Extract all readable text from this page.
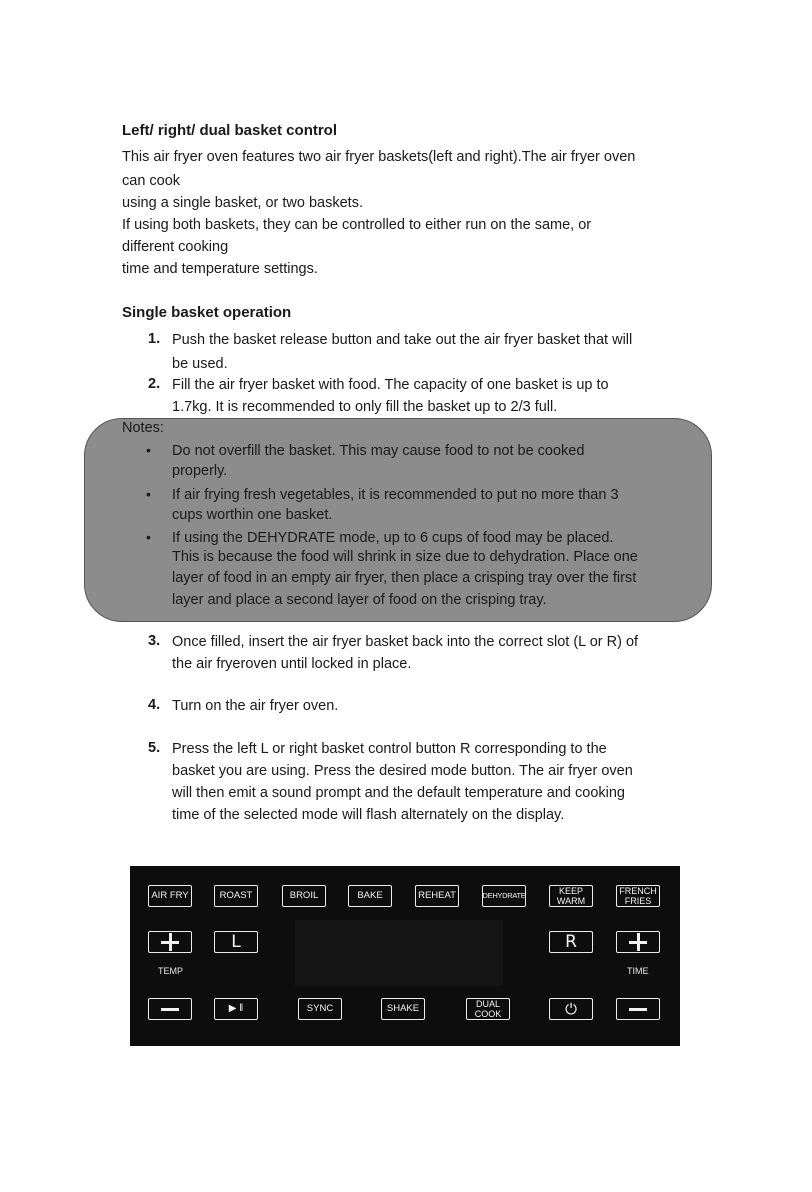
Left/ right/ dual basket control
This air fryer oven features two air fryer baskets(left and right).The air fryer oven
can cook
using a single basket, or two baskets.
If using both baskets, they can be controlled to either run on the same, or
different cooking
time and temperature settings.
Single basket operation
1. Push the basket release button and take out the air fryer basket that will
be used.
2. Fill the air fryer basket with food. The capacity of one basket is up to
1.7kg. It is recommended to only fill the basket up to 2/3 full.
Notes:
• Do not overfill the basket. This may cause food to not be cooked
properly.
• If air frying fresh vegetables, it is recommended to put no more than 3
cups worthin one basket.
• If using the DEHYDRATE mode, up to 6 cups of food may be placed.
This is because the food will shrink in size due to dehydration. Place one
layer of food in an empty air fryer, then place a crisping tray over the first
layer and place a second layer of food on the crisping tray.
3. Once filled, insert the air fryer basket back into the correct slot (L or R) of
the air fryeroven until locked in place.
4. Turn on the air fryer oven.
5. Press the left L or right basket control button R corresponding to the
basket you are using. Press the desired mode button. The air fryer oven
will then emit a sound prompt and the default temperature and cooking
time of the selected mode will flash alternately on the display.
AIR FRY	ROAST	BROIL	BAKE	REHEAT	DEHYDRATE	KEEP
WARM
FRENCH
FRIES
L	R
TEMP	TIME
▶ ǁ	SYNC	SHAKE	DUAL
COOK	⏻
